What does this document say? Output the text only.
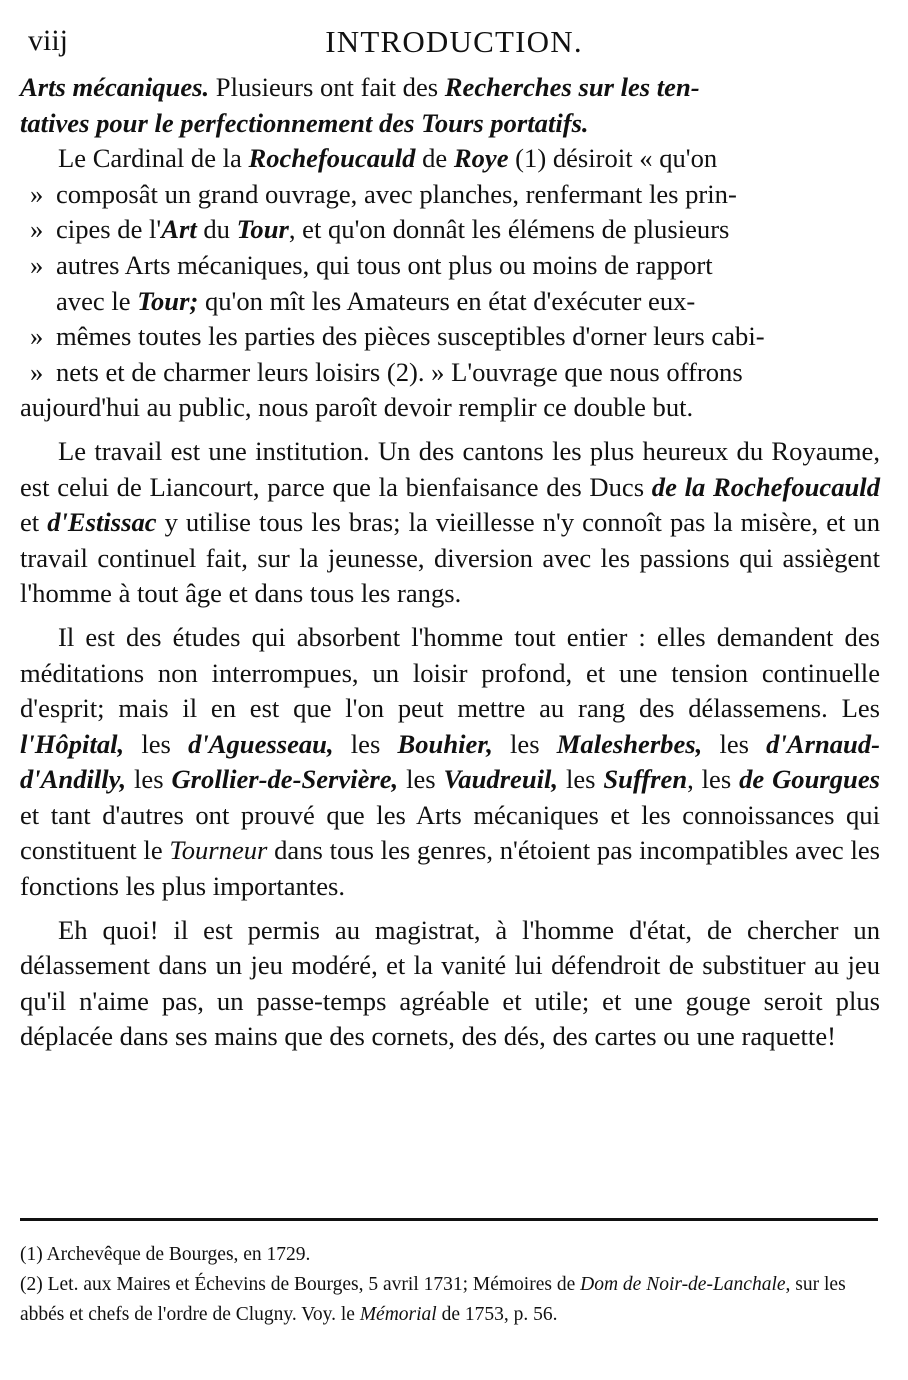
viij	INTRODUCTION.

Arts mécaniques. Plusieurs ont fait des Recherches sur les ten-
tatives pour le perfectionnement des Tours portatifs.

Le Cardinal de la Rochefoucauld de Roye (1) désiroit « qu'on
» composât un grand ouvrage, avec planches, renfermant les prin-
» cipes de l'Art du Tour, et qu'on donnât les élémens de plusieurs
» autres Arts mécaniques, qui tous ont plus ou moins de rapport
avec le Tour; qu'on mît les Amateurs en état d'exécuter eux-
» mêmes toutes les parties des pièces susceptibles d'orner leurs cabi-
» nets et de charmer leurs loisirs (2). » L'ouvrage que nous offrons
aujourd'hui au public, nous paroît devoir remplir ce double but.

Le travail est une institution. Un des cantons les plus heureux du Royaume, est celui de Liancourt, parce que la bienfaisance des Ducs de la Rochefoucauld et d'Estissac y utilise tous les bras; la vieillesse n'y connoît pas la misère, et un travail continuel fait, sur la jeunesse, diversion avec les passions qui assiègent l'homme à tout âge et dans tous les rangs.

Il est des études qui absorbent l'homme tout entier : elles demandent des méditations non interrompues, un loisir profond, et une tension continuelle d'esprit; mais il en est que l'on peut mettre au rang des délassemens. Les l'Hôpital, les d'Aguesseau, les Bouhier, les Malesherbes, les d'Arnaud-d'Andilly, les Grollier-de-Servière, les Vaudreuil, les Suffren, les de Gourgues et tant d'autres ont prouvé que les Arts mécaniques et les connoissances qui constituent le Tourneur dans tous les genres, n'étoient pas incompatibles avec les fonctions les plus importantes.

Eh quoi! il est permis au magistrat, à l'homme d'état, de chercher un délassement dans un jeu modéré, et la vanité lui défendroit de substituer au jeu qu'il n'aime pas, un passe-temps agréable et utile; et une gouge seroit plus déplacée dans ses mains que des cornets, des dés, des cartes ou une raquette!

(1) Archevêque de Bourges, en 1729.

(2) Let. aux Maires et Échevins de Bourges, 5 avril 1731; Mémoires de Dom de Noir-de-Lanchale, sur les abbés et chefs de l'ordre de Clugny. Voy. le Mémorial de 1753, p. 56.
